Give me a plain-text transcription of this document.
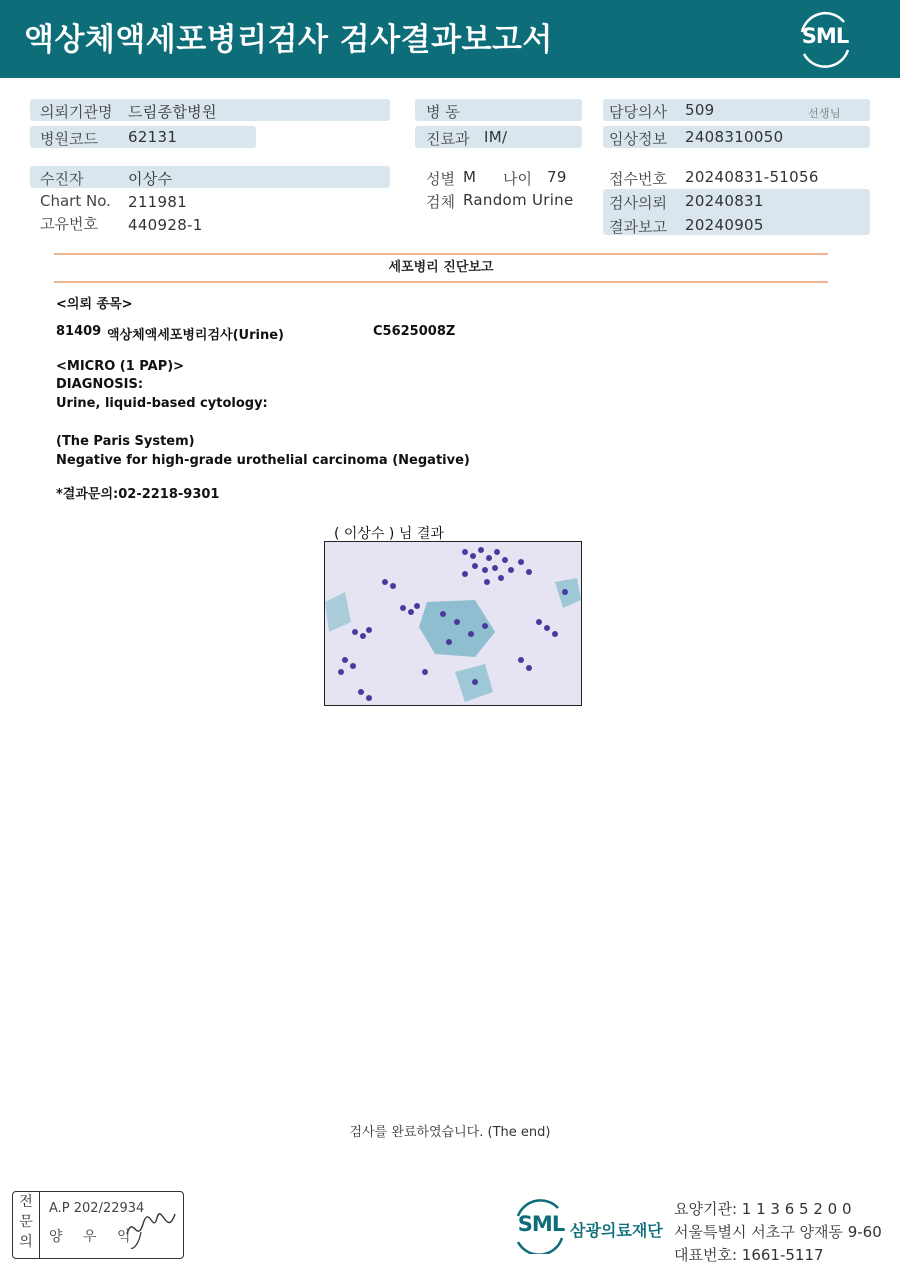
액상체액세포병리검사 검사결과보고서	SML
의뢰기관명 드림종합병원
병원코드 62131
병 동
진료과 IM/
담당의사 509	선생님
임상정보 2408310050
수진자	이상수
Chart No. 211981
고유번호 440928-1
성별 M 나이 79
검체 Random Urine
접수번호 20240831-51056
검사의뢰 20240831
결과보고 20240905
세포병리 진단보고
<의뢰 종목>
81409 액상체액세포병리검사(Urine)	C5625008Z
<MICRO (1 PAP)>
DIAGNOSIS:
Urine, liquid-based cytology:
(The Paris System)
Negative for high-grade urothelial carcinoma (Negative)
*결과문의:02-2218-9301
( 이상수 ) 님 결과
검사를 완료하였습니다. (The end)
전
문
의
A.P 202/22934
양 우 익
SML 삼광의료재단
요양기관: 1 1 3 6 5 2 0 0
서울특별시 서초구 양재동 9-60
대표번호: 1661-5117
